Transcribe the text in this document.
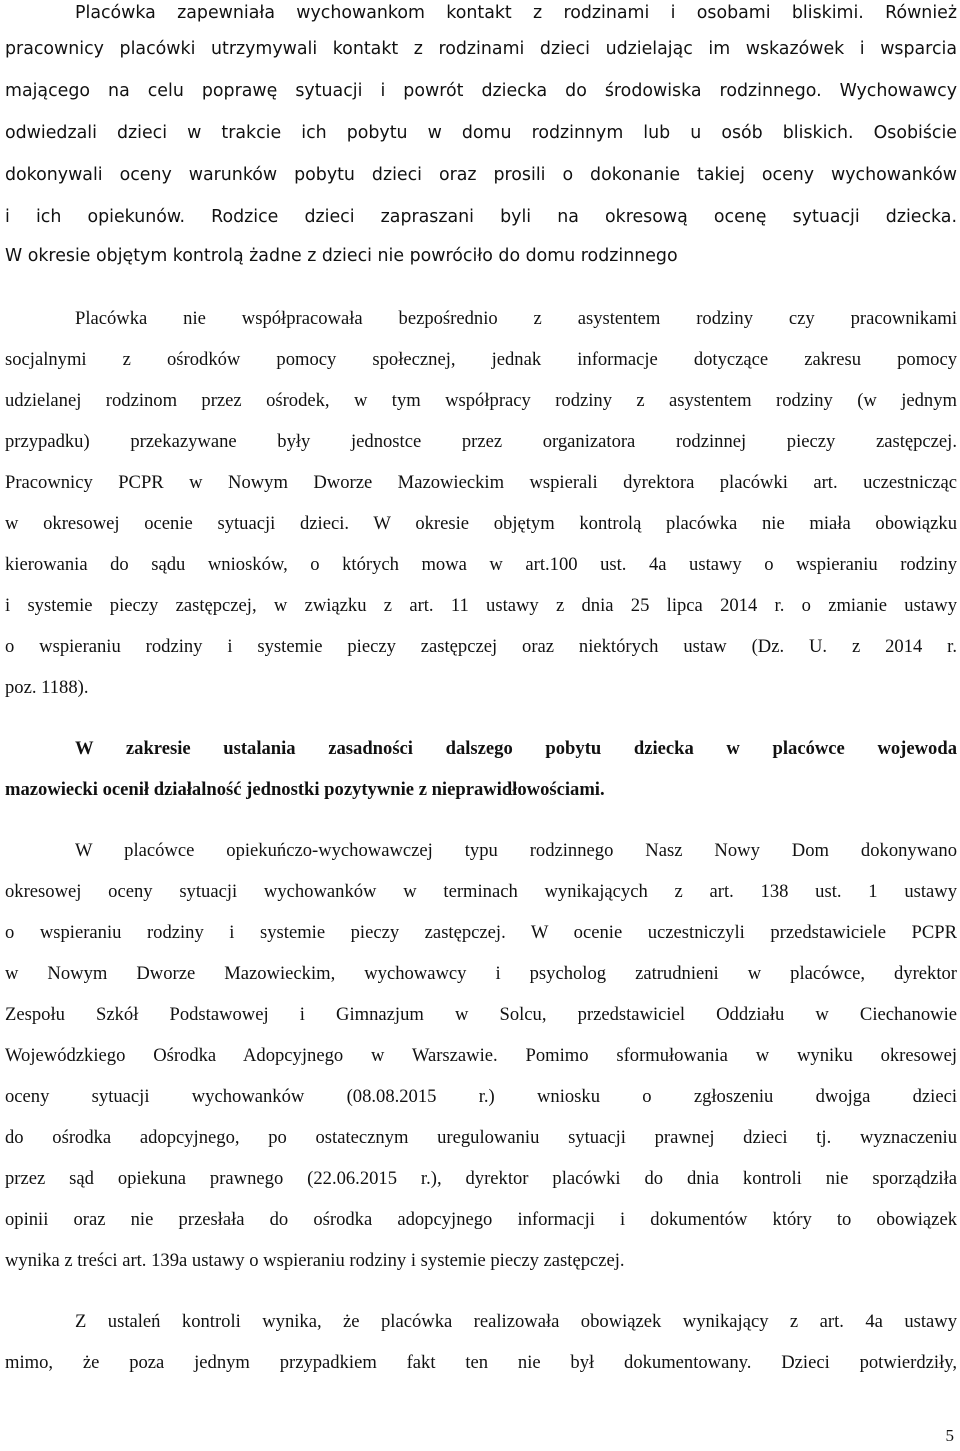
Placówka zapewniała wychowankom kontakt z rodzinami i osobami bliskimi. Również
pracownicy placówki utrzymywali kontakt z rodzinami dzieci udzielając im wskazówek i wsparcia
mającego na celu poprawę sytuacji i powrót dziecka do środowiska rodzinnego. Wychowawcy
odwiedzali dzieci w trakcie ich pobytu w domu rodzinnym lub u osób bliskich. Osobiście
dokonywali oceny warunków pobytu dzieci oraz prosili o dokonanie takiej oceny wychowanków
i ich opiekunów. Rodzice dzieci zapraszani byli na okresową ocenę sytuacji dziecka.
W okresie objętym kontrolą żadne z dzieci nie powróciło do domu rodzinnego
Placówka nie współpracowała bezpośrednio z asystentem rodziny czy pracownikami
socjalnymi z ośrodków pomocy społecznej, jednak informacje dotyczące zakresu pomocy
udzielanej rodzinom przez ośrodek, w tym współpracy rodziny z asystentem rodziny (w jednym
przypadku) przekazywane były jednostce przez organizatora rodzinnej pieczy zastępczej.
Pracownicy PCPR w Nowym Dworze Mazowieckim wspierali dyrektora placówki art. uczestnicząc
w okresowej ocenie sytuacji dzieci. W okresie objętym kontrolą placówka nie miała obowiązku
kierowania do sądu wniosków, o których mowa w art.100 ust. 4a ustawy o wspieraniu rodziny
i systemie pieczy zastępczej, w związku z art. 11 ustawy z dnia 25 lipca 2014 r. o zmianie ustawy
o wspieraniu rodziny i systemie pieczy zastępczej oraz niektórych ustaw (Dz. U. z 2014 r.
poz. 1188).
W zakresie ustalania zasadności dalszego pobytu dziecka w placówce wojewoda
mazowiecki ocenił działalność jednostki pozytywnie z nieprawidłowościami.
W placówce opiekuńczo-wychowawczej typu rodzinnego Nasz Nowy Dom dokonywano
okresowej oceny sytuacji wychowanków w terminach wynikających z art. 138 ust. 1 ustawy
o wspieraniu rodziny i systemie pieczy zastępczej. W ocenie uczestniczyli przedstawiciele PCPR
w Nowym Dworze Mazowieckim, wychowawcy i psycholog zatrudnieni w placówce, dyrektor
Zespołu Szkół Podstawowej i Gimnazjum w Solcu, przedstawiciel Oddziału w Ciechanowie
Wojewódzkiego Ośrodka Adopcyjnego w Warszawie. Pomimo sformułowania w wyniku okresowej
oceny sytuacji wychowanków (08.08.2015 r.) wniosku o zgłoszeniu dwojga dzieci
do ośrodka adopcyjnego, po ostatecznym uregulowaniu sytuacji prawnej dzieci tj. wyznaczeniu
przez sąd opiekuna prawnego (22.06.2015 r.), dyrektor placówki do dnia kontroli nie sporządziła
opinii oraz nie przesłała do ośrodka adopcyjnego informacji i dokumentów który to obowiązek
wynika z treści art. 139a ustawy o wspieraniu rodziny i systemie pieczy zastępczej.
Z ustaleń kontroli wynika, że placówka realizowała obowiązek wynikający z art. 4a ustawy
mimo, że poza jednym przypadkiem fakt ten nie był dokumentowany. Dzieci potwierdziły,
5
